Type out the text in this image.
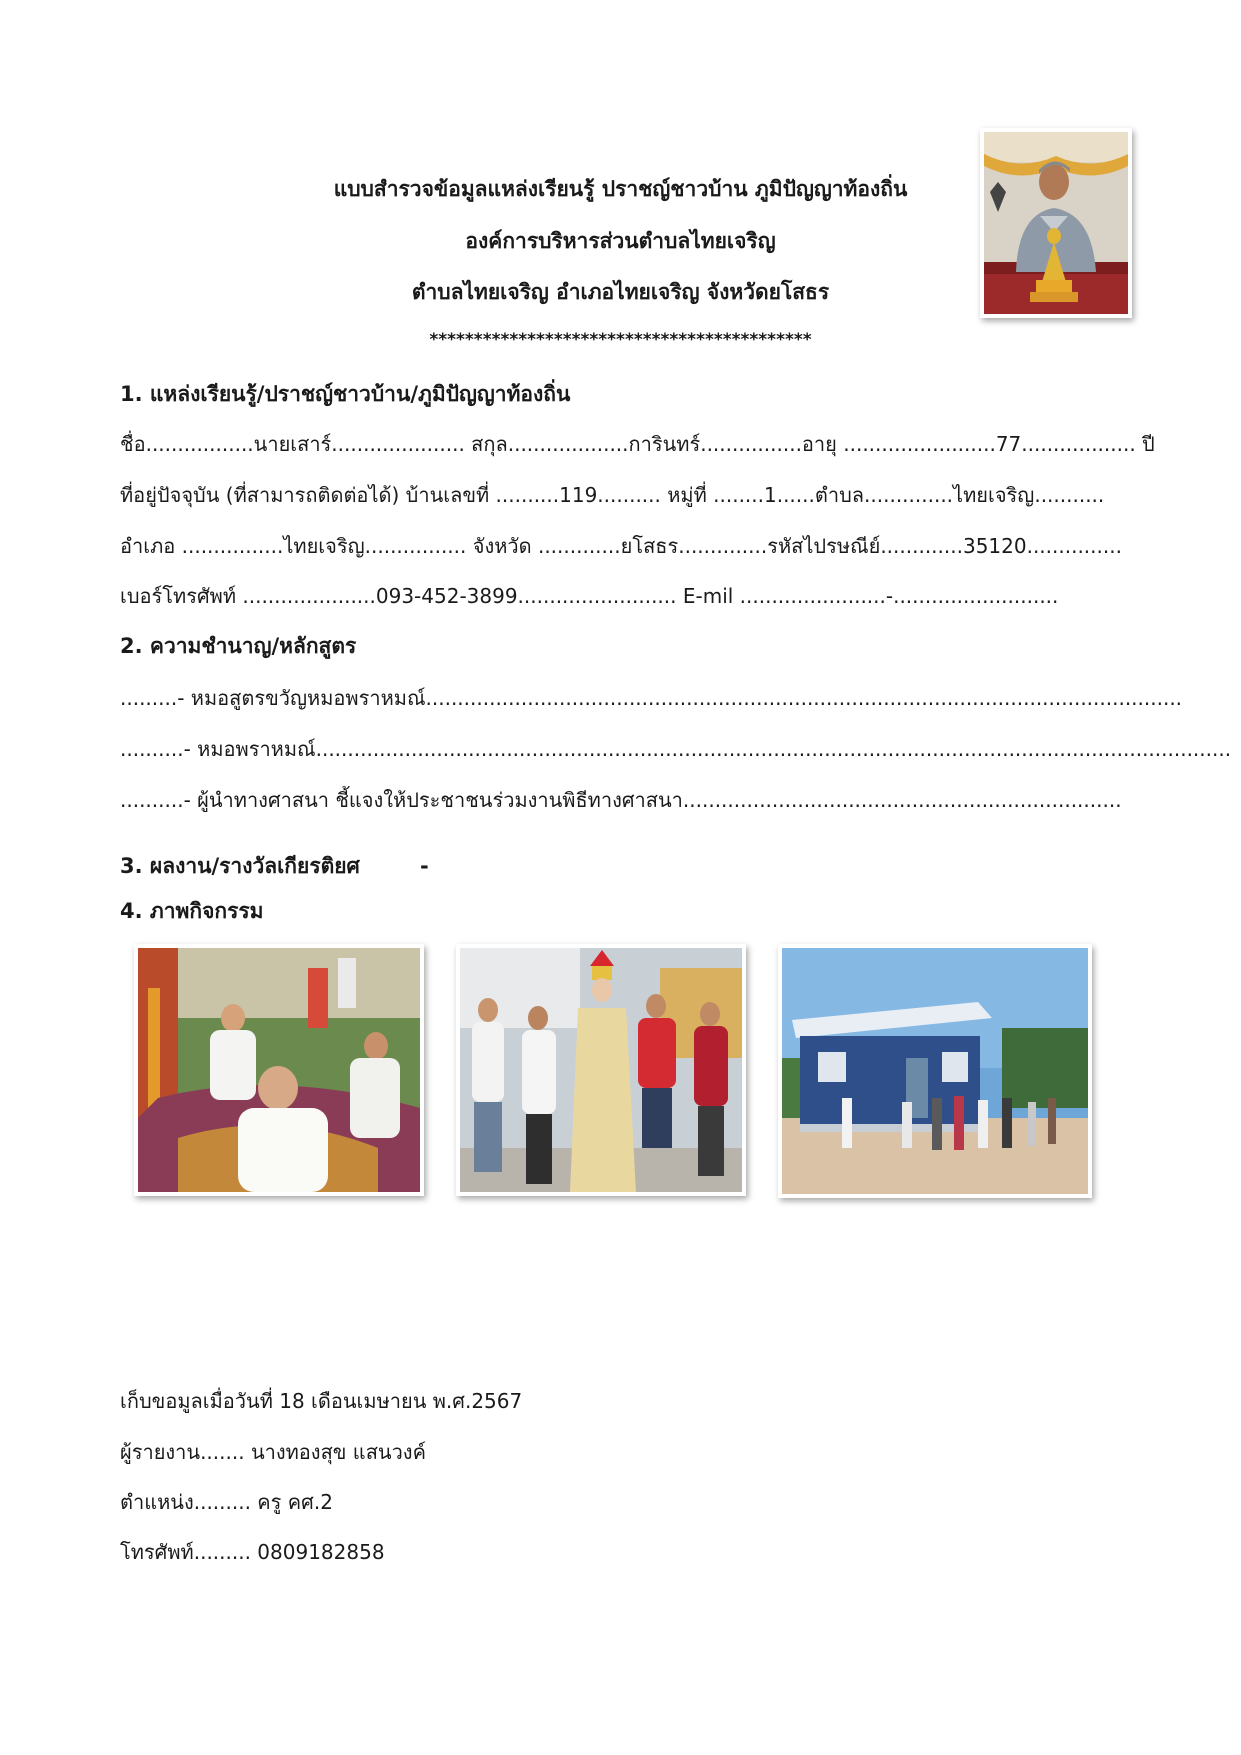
แบบสำรวจข้อมูลแหล่งเรียนรู้ ปราชญ์ชาวบ้าน ภูมิปัญญาท้องถิ่น
องค์การบริหารส่วนตำบลไทยเจริญ
ตำบลไทยเจริญ อำเภอไทยเจริญ จังหวัดยโสธร
*******************************************
1. แหล่งเรียนรู้/ปราชญ์ชาวบ้าน/ภูมิปัญญาท้องถิ่น
ชื่อ.................นายเสาร์..................... สกุล...................การินทร์................อายุ ........................77.................. ปี
ที่อยู่ปัจจุบัน (ที่สามารถติดต่อได้) บ้านเลขที่ ..........119.......... หมู่ที่ ........1......ตำบล..............ไทยเจริญ...........
อำเภอ ................ไทยเจริญ................ จังหวัด .............ยโสธร..............รหัสไปรษณีย์.............35120...............
เบอร์โทรศัพท์ .....................093-452-3899......................... E-mil .......................-..........................
2. ความชำนาญ/หลักสูตร
.........- หมอสูตรขวัญหมอพราหมณ์.......................................................................................................................
..........- หมอพราหมณ์................................................................................................................................................
..........- ผู้นำทางศาสนา ชี้แจงให้ประชาชนร่วมงานพิธีทางศาสนา.....................................................................
3. ผลงาน/รางวัลเกียรติยศ	-
4. ภาพกิจกรรม
เก็บขอมูลเมื่อวันที่ 18 เดือนเมษายน พ.ศ.2567
ผู้รายงาน....... นางทองสุข แสนวงค์
ตำแหน่ง......... ครู คศ.2
โทรศัพท์......... 0809182858
